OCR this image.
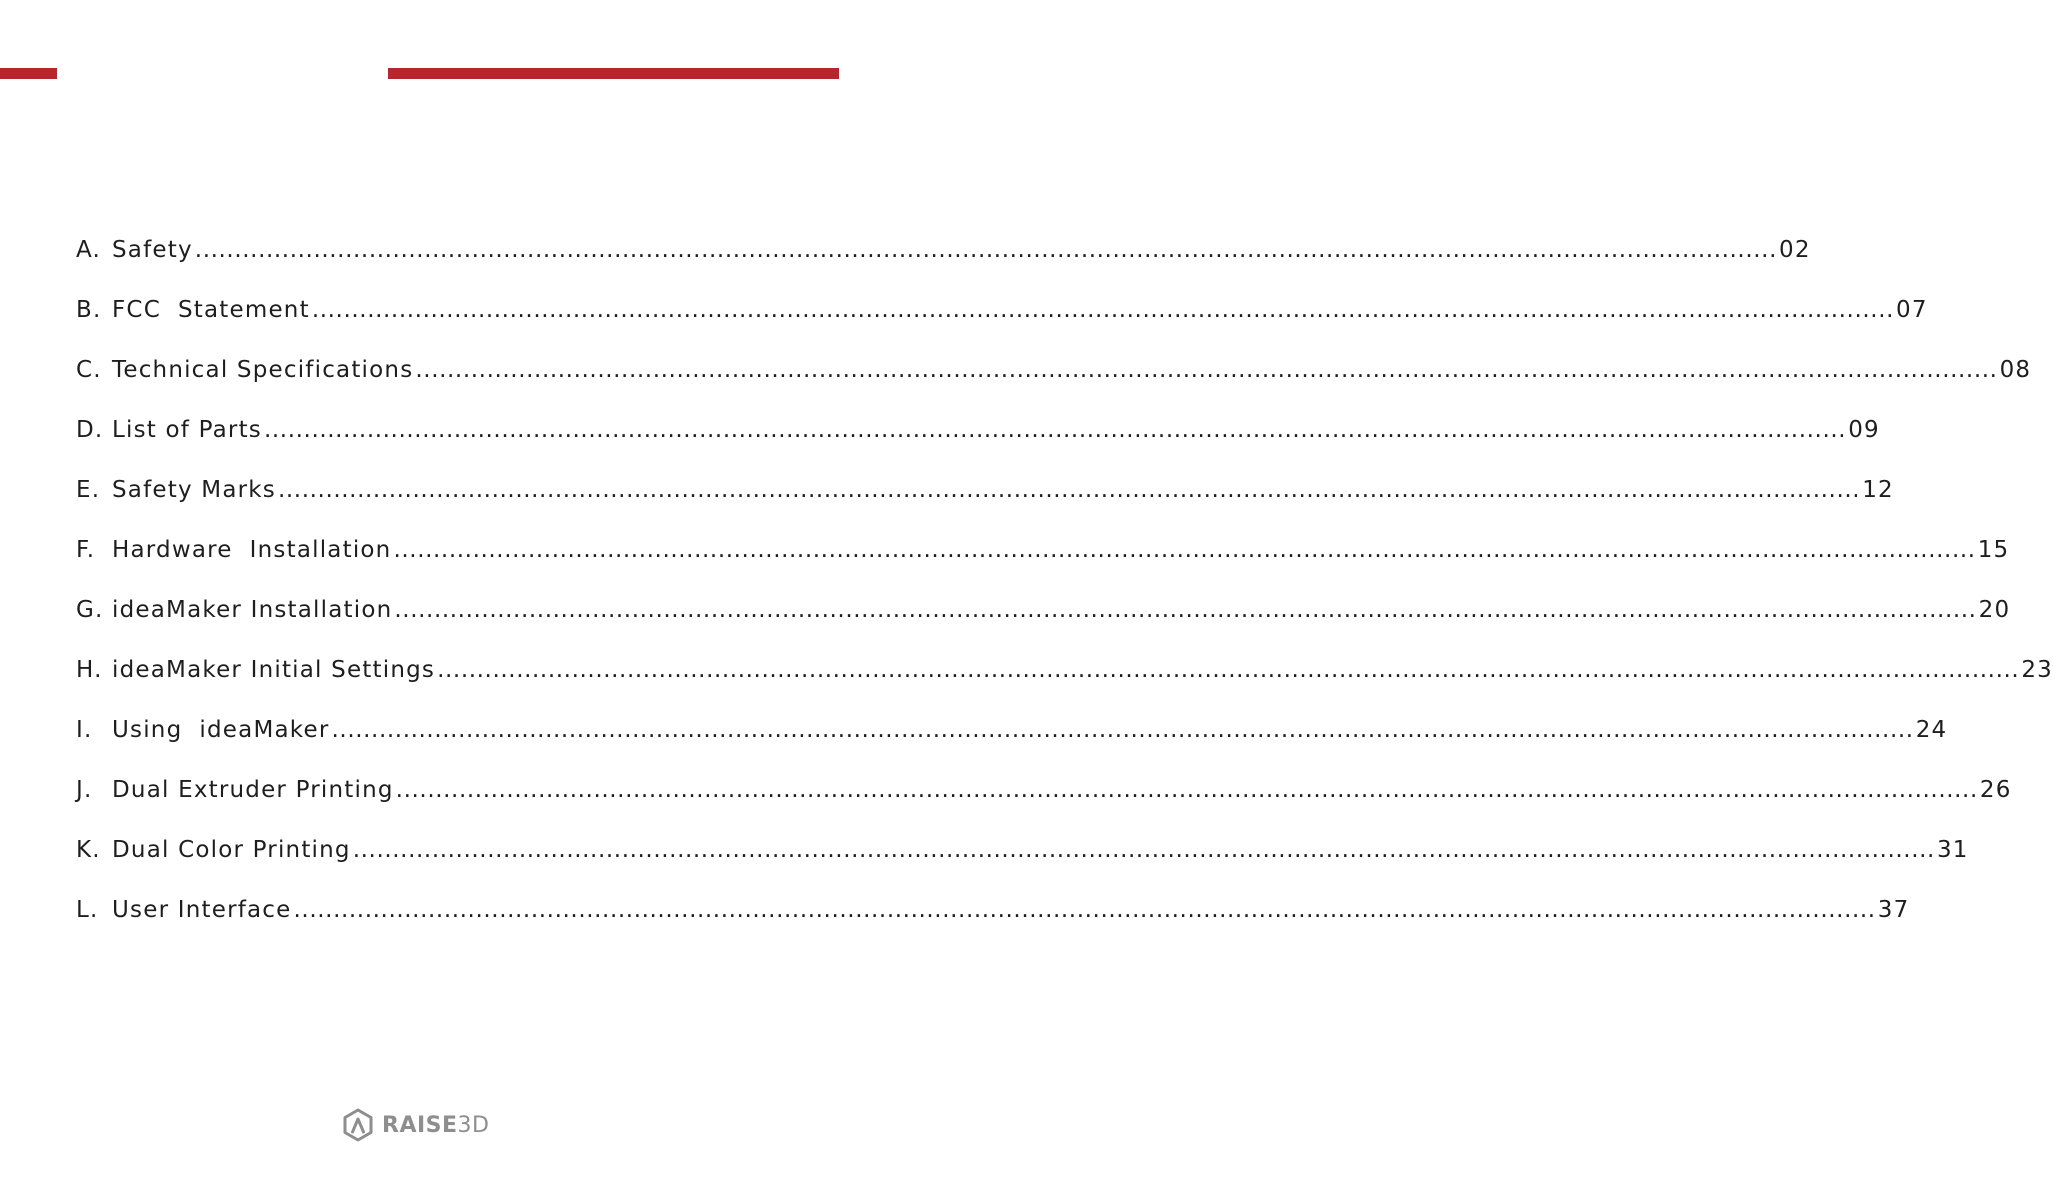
A. Safety ........................................................................................................................................................................................................ 02
B. FCC  Statement ........................................................................................................................................................................................................ 07
C. Technical Specifications ........................................................................................................................................................................................................ 08
D. List of Parts ........................................................................................................................................................................................................ 09
E. Safety Marks ........................................................................................................................................................................................................ 12
F. Hardware  Installation ........................................................................................................................................................................................................ 15
G. ideaMaker Installation ........................................................................................................................................................................................................ 20
H. ideaMaker Initial Settings ........................................................................................................................................................................................................ 23
I. Using  ideaMaker ........................................................................................................................................................................................................ 24
J. Dual Extruder Printing ........................................................................................................................................................................................................ 26
K. Dual Color Printing ........................................................................................................................................................................................................ 31
L. User Interface ........................................................................................................................................................................................................ 37
RAISE3D
